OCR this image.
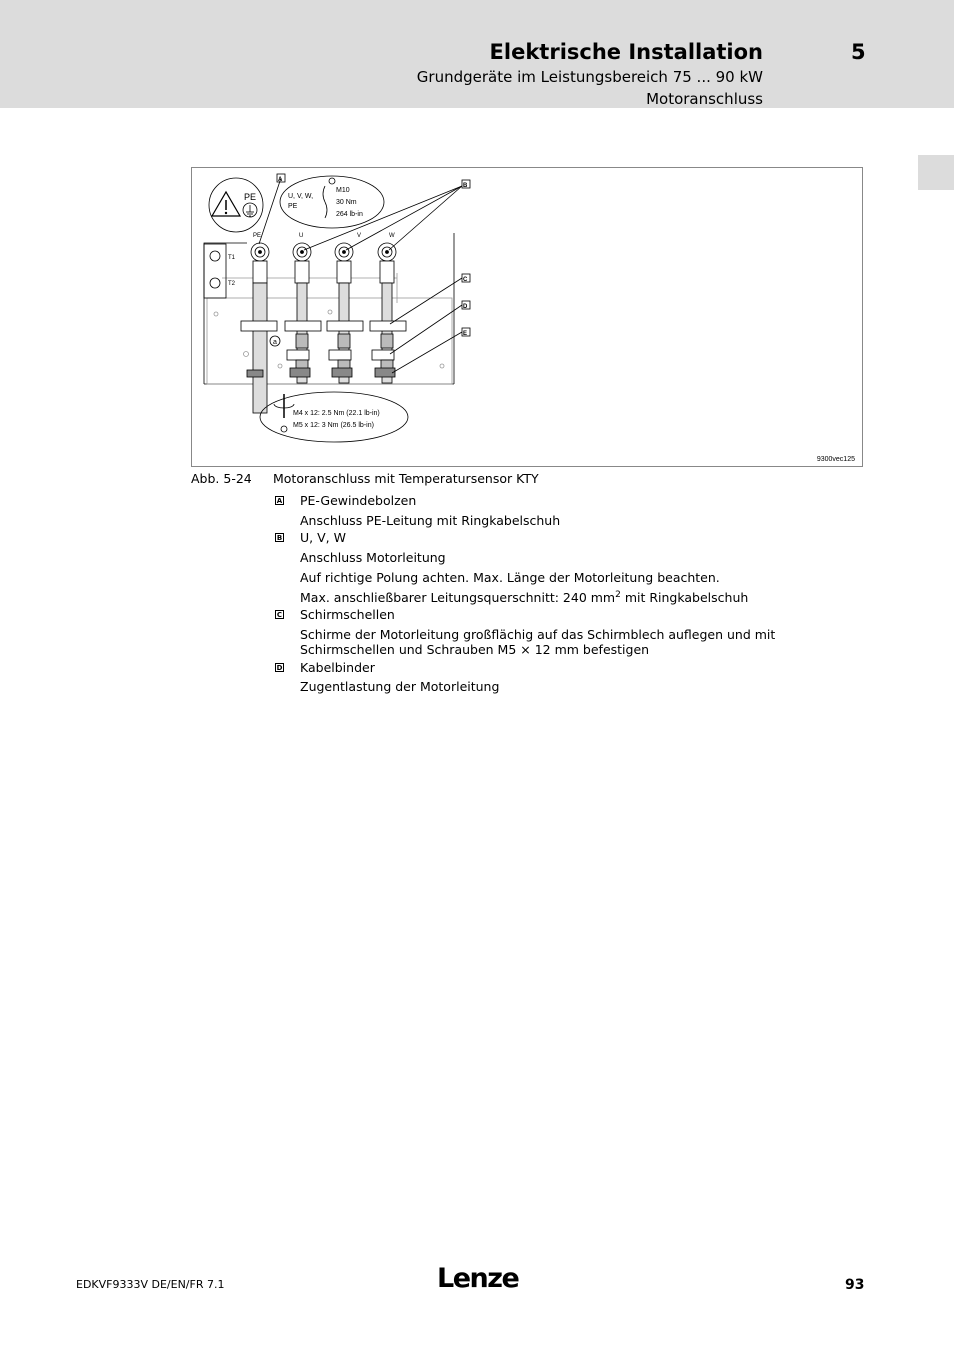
Elektrische Installation	5
Grundgeräte im Leistungsbereich 75 ... 90 kW
Motoranschluss
PE
PE	U	V	W
T1
T2
a
A
B
C
D
E
U, V, W,
PE
M10
30 Nm
264 lb-in
M4 x 12: 2.5 Nm (22.1 lb-in)
M5 x 12: 3 Nm (26.5 lb-in)
9300vec125
Abb. 5-24 Motoranschluss mit Temperatursensor KTY
A PE-Gewindebolzen
Anschluss PE-Leitung mit Ringkabelschuh
B U, V, W
Anschluss Motorleitung
Auf richtige Polung achten. Max. Länge der Motorleitung beachten.
Max. anschließbarer Leitungsquerschnitt: 240 $mm^2$ mit Ringkabelschuh
C Schirmschellen
Schirme der Motorleitung großflächig auf das Schirmblech auflegen und mit Schirmschellen und Schrauben M5 × 12 mm befestigen
D Kabelbinder
Zugentlastung der Motorleitung
EDKVF9333V DE/EN/FR 7.1	Lenze	93
